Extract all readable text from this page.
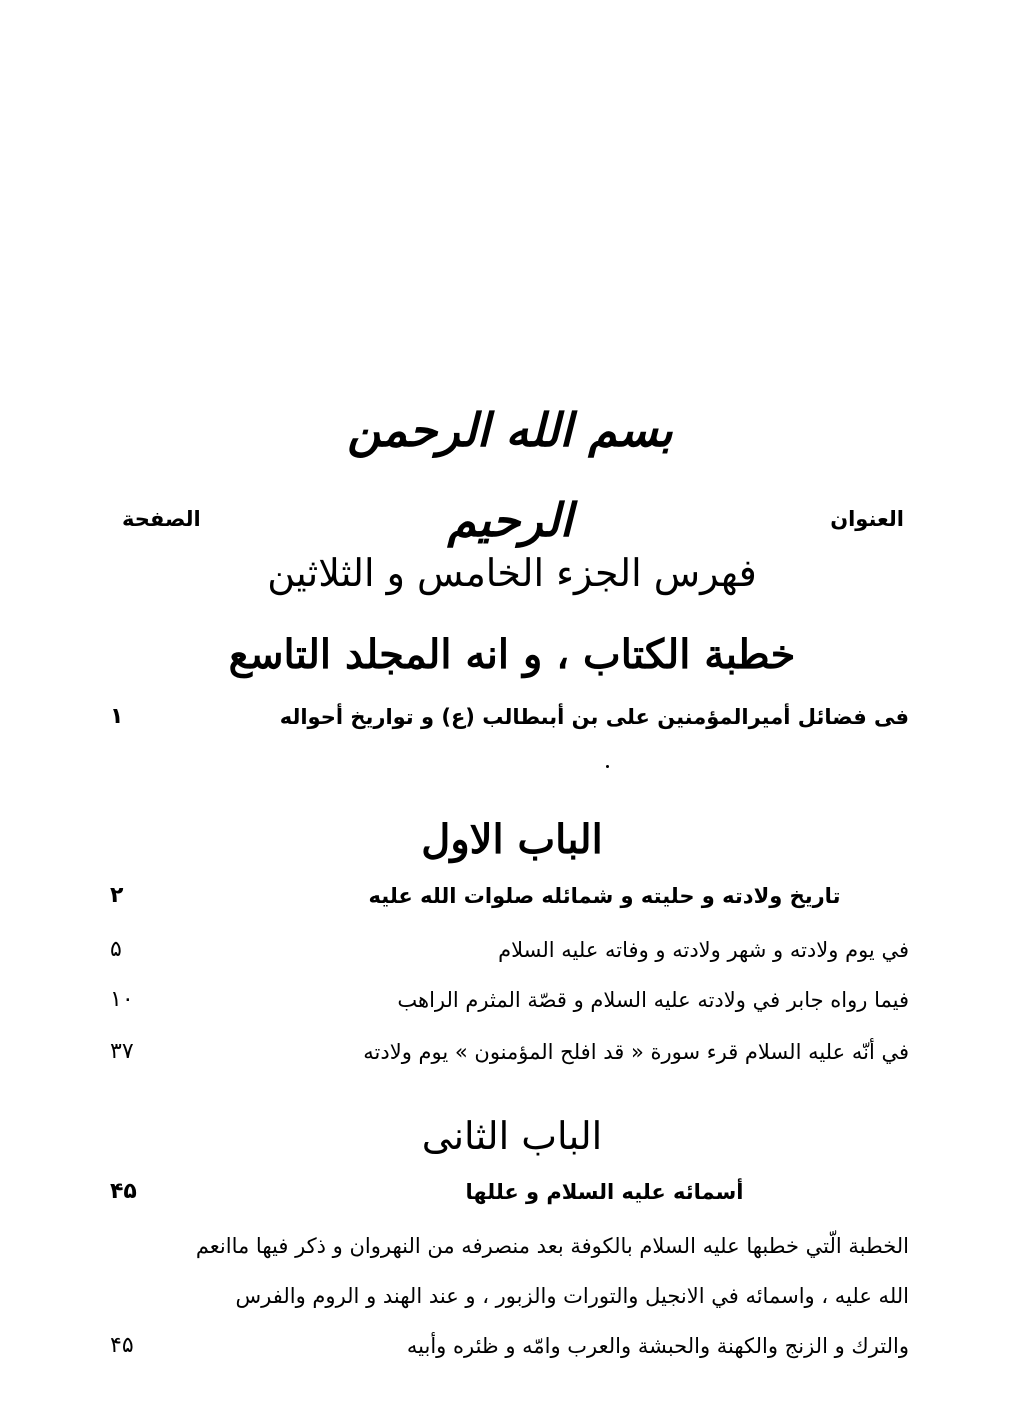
بسم الله الرحمن الرحيم	العنوان
الصفحة
فهرس الجزء الخامس و الثلاثين
خطبة الكتاب ، و انه المجلد التاسع
فى فضائل أميرالمؤمنين على بن أبىطالب (ع) و تواريخ أحواله
۱
الباب الاول
تاريخ ولادته و حليته و شمائله صلوات الله عليه
۲
في يوم ولادته و شهر ولادته و وفاته عليه السلام
۵
فيما رواه جابر في ولادته عليه السلام و قصّة المثرم الراهب
۱۰
في أنّه عليه السلام قرء سورة « قد افلح المؤمنون » يوم ولادته
۳۷
الباب الثانى
أسمائه عليه السلام و عللها
۴۵
الخطبة الّتي خطبها عليه السلام بالكوفة بعد منصرفه من النهروان و ذكر فيها ماانعم
الله عليه ، واسمائه في الانجيل والتورات والزبور ، و عند الهند و الروم والفرس
والترك و الزنج والكهنة والحبشة والعرب وامّه و ظئره وأبيه
۴۵
